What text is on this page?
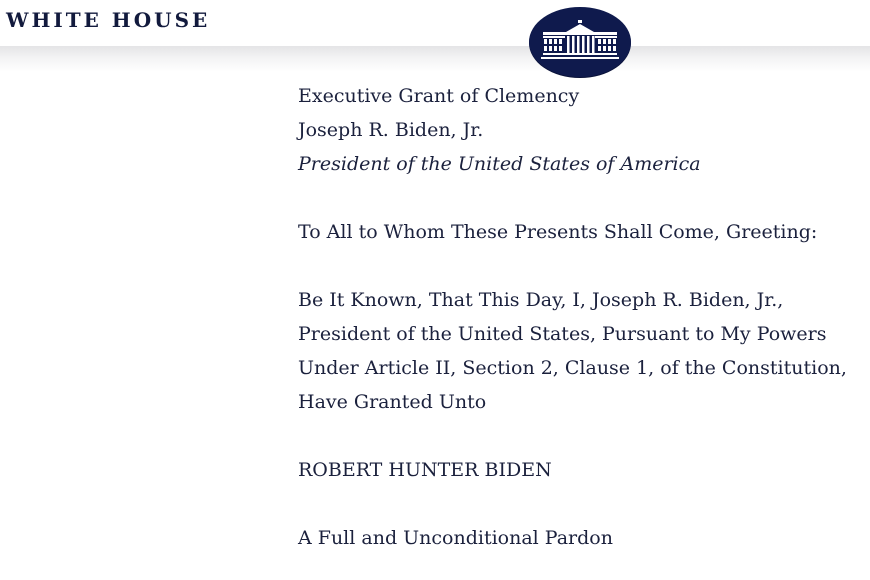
WHITE HOUSE
Executive Grant of Clemency
Joseph R. Biden, Jr.
President of the United States of America
To All to Whom These Presents Shall Come, Greeting:
Be It Known, That This Day, I, Joseph R. Biden, Jr.,
President of the United States, Pursuant to My Powers
Under Article II, Section 2, Clause 1, of the Constitution,
Have Granted Unto
ROBERT HUNTER BIDEN
A Full and Unconditional Pardon
